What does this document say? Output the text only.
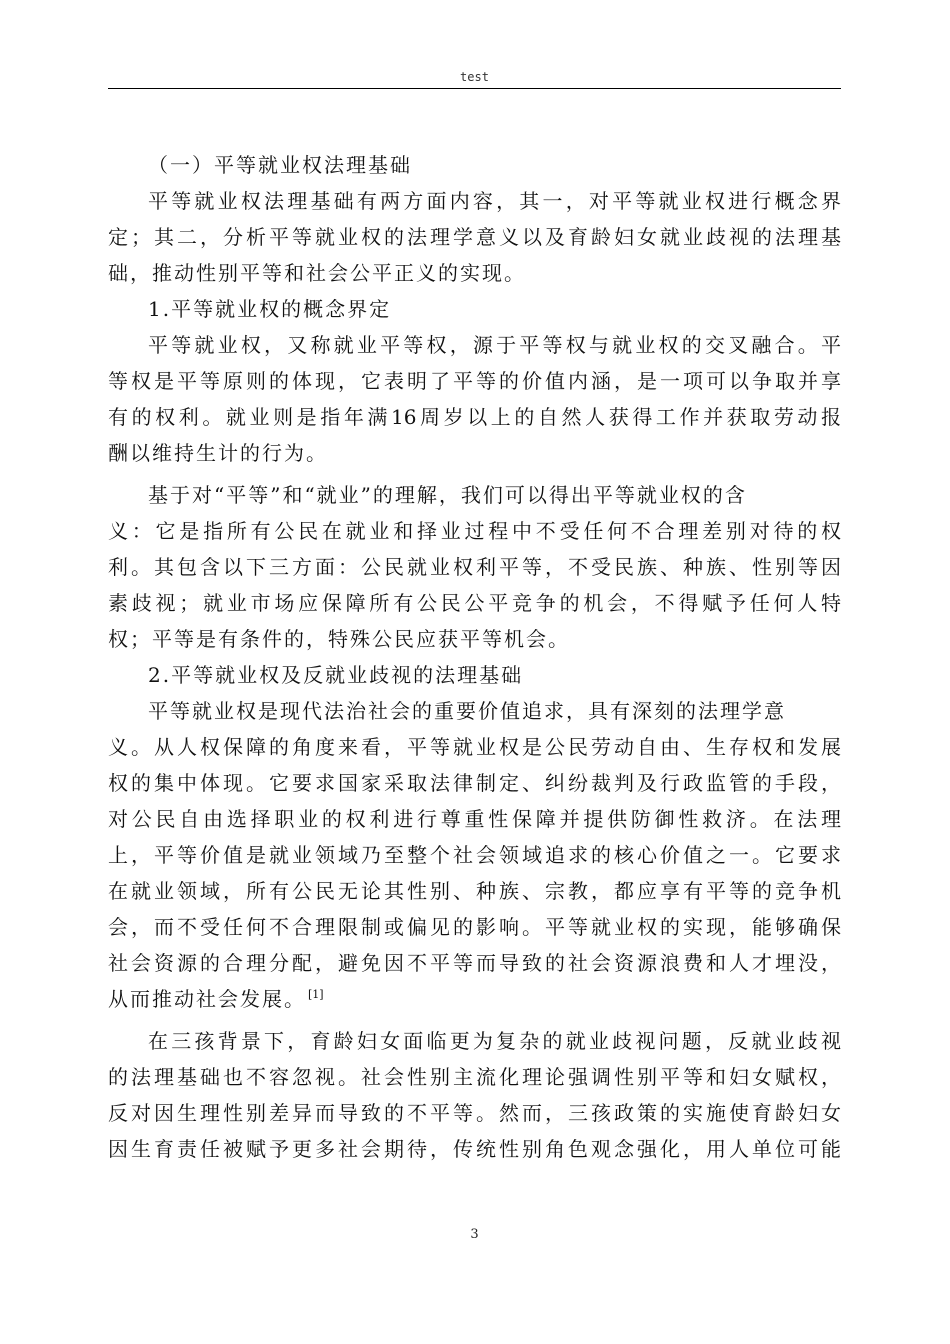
test
（一）平等就业权法理基础
平等就业权法理基础有两方面内容，其一，对平等就业权进行概念界
定；其二，分析平等就业权的法理学意义以及育龄妇女就业歧视的法理基
础，推动性别平等和社会公平正义的实现。
1.平等就业权的概念界定
平等就业权，又称就业平等权，源于平等权与就业权的交叉融合。平
等权是平等原则的体现，它表明了平等的价值内涵，是一项可以争取并享
有的权利。就业则是指年满16周岁以上的自然人获得工作并获取劳动报
酬以维持生计的行为。
基于对“平等”和“就业”的理解，我们可以得出平等就业权的含
义：它是指所有公民在就业和择业过程中不受任何不合理差别对待的权
利。其包含以下三方面：公民就业权利平等，不受民族、种族、性别等因
素歧视；就业市场应保障所有公民公平竞争的机会，不得赋予任何人特
权；平等是有条件的，特殊公民应获平等机会。
2.平等就业权及反就业歧视的法理基础
平等就业权是现代法治社会的重要价值追求，具有深刻的法理学意
义。从人权保障的角度来看，平等就业权是公民劳动自由、生存权和发展
权的集中体现。它要求国家采取法律制定、纠纷裁判及行政监管的手段，
对公民自由选择职业的权利进行尊重性保障并提供防御性救济。在法理
上，平等价值是就业领域乃至整个社会领域追求的核心价值之一。它要求
在就业领域，所有公民无论其性别、种族、宗教，都应享有平等的竞争机
会，而不受任何不合理限制或偏见的影响。平等就业权的实现，能够确保
社会资源的合理分配，避免因不平等而导致的社会资源浪费和人才埋没，
从而推动社会发展。 [1]
在三孩背景下，育龄妇女面临更为复杂的就业歧视问题，反就业歧视
的法理基础也不容忽视。社会性别主流化理论强调性别平等和妇女赋权，
反对因生理性别差异而导致的不平等。然而，三孩政策的实施使育龄妇女
因生育责任被赋予更多社会期待，传统性别角色观念强化，用人单位可能
3
